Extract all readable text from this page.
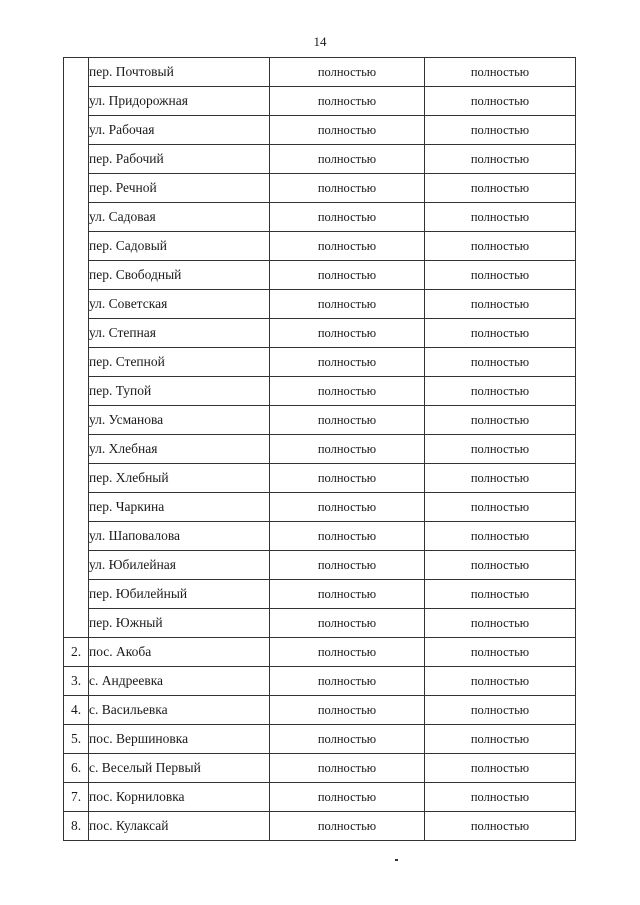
14
	пер. Почтовый	полностью	полностью
	ул. Придорожная	полностью	полностью
	ул. Рабочая	полностью	полностью
	пер. Рабочий	полностью	полностью
	пер. Речной	полностью	полностью
	ул. Садовая	полностью	полностью
	пер. Садовый	полностью	полностью
	пер. Свободный	полностью	полностью
	ул. Советская	полностью	полностью
	ул. Степная	полностью	полностью
	пер. Степной	полностью	полностью
	пер. Тупой	полностью	полностью
	ул. Усманова	полностью	полностью
	ул. Хлебная	полностью	полностью
	пер. Хлебный	полностью	полностью
	пер. Чаркина	полностью	полностью
	ул. Шаповалова	полностью	полностью
	ул. Юбилейная	полностью	полностью
	пер. Юбилейный	полностью	полностью
	пер. Южный	полностью	полностью
2.	пос. Акоба	полностью	полностью
3.	с. Андреевка	полностью	полностью
4.	с. Васильевка	полностью	полностью
5.	пос. Вершиновка	полностью	полностью
6.	с. Веселый Первый	полностью	полностью
7.	пос. Корниловка	полностью	полностью
8.	пос. Кулаксай	полностью	полностью
